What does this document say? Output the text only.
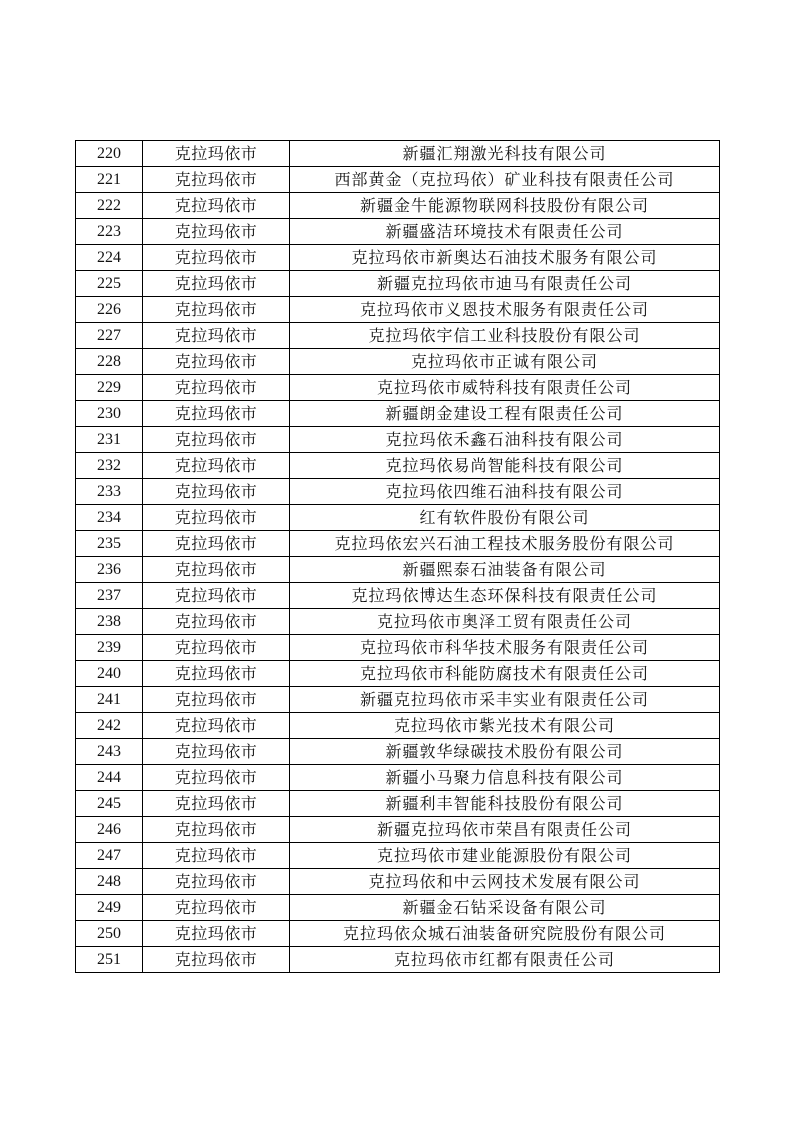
220	克拉玛依市	新疆汇翔激光科技有限公司
221	克拉玛依市	西部黄金（克拉玛依）矿业科技有限责任公司
222	克拉玛依市	新疆金牛能源物联网科技股份有限公司
223	克拉玛依市	新疆盛洁环境技术有限责任公司
224	克拉玛依市	克拉玛依市新奥达石油技术服务有限公司
225	克拉玛依市	新疆克拉玛依市迪马有限责任公司
226	克拉玛依市	克拉玛依市义恩技术服务有限责任公司
227	克拉玛依市	克拉玛依宇信工业科技股份有限公司
228	克拉玛依市	克拉玛依市正诚有限公司
229	克拉玛依市	克拉玛依市威特科技有限责任公司
230	克拉玛依市	新疆朗金建设工程有限责任公司
231	克拉玛依市	克拉玛依禾鑫石油科技有限公司
232	克拉玛依市	克拉玛依易尚智能科技有限公司
233	克拉玛依市	克拉玛依四维石油科技有限公司
234	克拉玛依市	红有软件股份有限公司
235	克拉玛依市	克拉玛依宏兴石油工程技术服务股份有限公司
236	克拉玛依市	新疆熙泰石油装备有限公司
237	克拉玛依市	克拉玛依博达生态环保科技有限责任公司
238	克拉玛依市	克拉玛依市奥泽工贸有限责任公司
239	克拉玛依市	克拉玛依市科华技术服务有限责任公司
240	克拉玛依市	克拉玛依市科能防腐技术有限责任公司
241	克拉玛依市	新疆克拉玛依市采丰实业有限责任公司
242	克拉玛依市	克拉玛依市紫光技术有限公司
243	克拉玛依市	新疆敦华绿碳技术股份有限公司
244	克拉玛依市	新疆小马聚力信息科技有限公司
245	克拉玛依市	新疆利丰智能科技股份有限公司
246	克拉玛依市	新疆克拉玛依市荣昌有限责任公司
247	克拉玛依市	克拉玛依市建业能源股份有限公司
248	克拉玛依市	克拉玛依和中云网技术发展有限公司
249	克拉玛依市	新疆金石钻采设备有限公司
250	克拉玛依市	克拉玛依众城石油装备研究院股份有限公司
251	克拉玛依市	克拉玛依市红都有限责任公司
